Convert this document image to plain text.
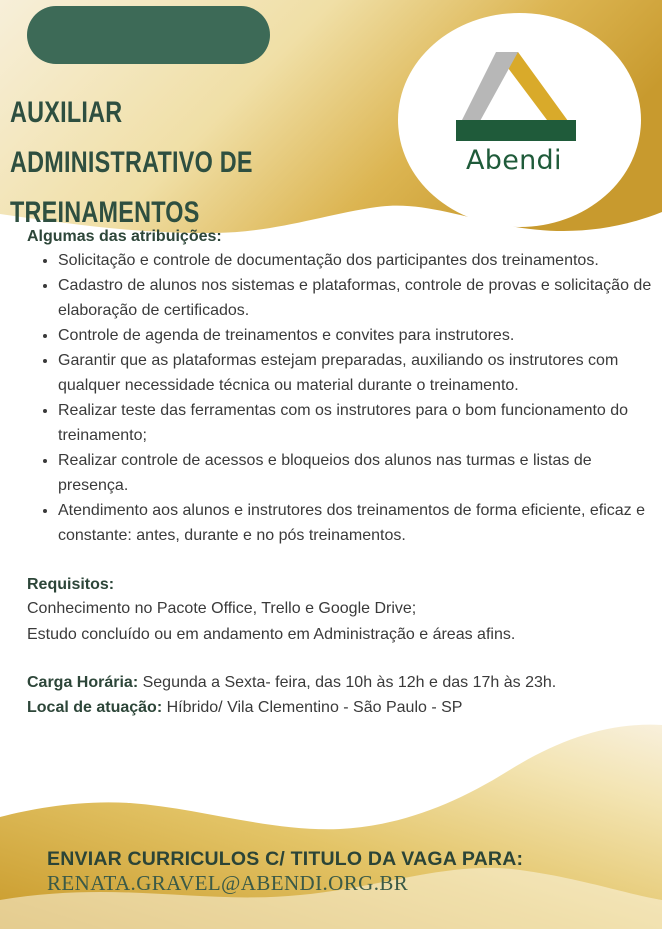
AUXILIAR ADMINISTRATIVO DE TREINAMENTOS
Abendi

Algumas das atribuições:

• Solicitação e controle de documentação dos participantes dos treinamentos.
• Cadastro de alunos nos sistemas e plataformas, controle de provas e solicitação de elaboração de certificados.
• Controle de agenda de treinamentos e convites para instrutores.
• Garantir que as plataformas estejam preparadas, auxiliando os instrutores com qualquer necessidade técnica ou material durante o treinamento.
• Realizar teste das ferramentas com os instrutores para o bom funcionamento do treinamento;
• Realizar controle de acessos e bloqueios dos alunos nas turmas e listas de presença.
• Atendimento aos alunos e instrutores dos treinamentos de forma eficiente, eficaz e constante: antes, durante e no pós treinamentos.

Requisitos:

Conhecimento no Pacote Office, Trello e Google Drive;

Estudo concluído ou em andamento em Administração e áreas afins.

Carga Horária: Segunda a Sexta- feira, das 10h às 12h e das 17h às 23h.
Local de atuação: Híbrido/ Vila Clementino - São Paulo - SP
ENVIAR CURRICULOS C/ TITULO DA VAGA PARA:
RENATA.GRAVEL@ABENDI.ORG.BR
